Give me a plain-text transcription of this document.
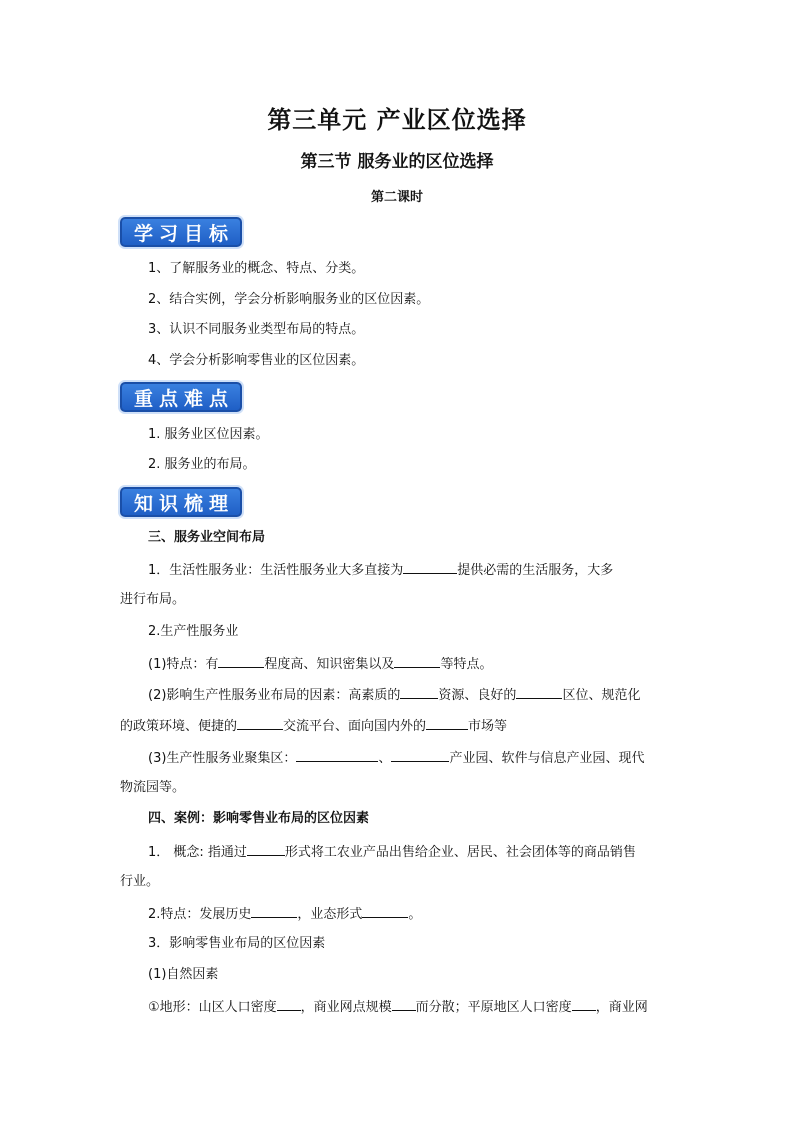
第三单元 产业区位选择
第三节 服务业的区位选择
第二课时
学习目标
1、了解服务业的概念、特点、分类。
2、结合实例，学会分析影响服务业的区位因素。
3、认识不同服务业类型布局的特点。
4、学会分析影响零售业的区位因素。
重点难点
1. 服务业区位因素。
2. 服务业的布局。
知识梳理
三、服务业空间布局
1．生活性服务业：生活性服务业大多直接为	提供必需的生活服务，大多
进行布局。
2.生产性服务业
(1)特点：有	程度高、知识密集以及	等特点。
(2)影响生产性服务业布局的因素：高素质的	资源、良好的	区位、规范化
的政策环境、便捷的	交流平台、面向国内外的	市场等
(3)生产性服务业聚集区：	、	产业园、软件与信息产业园、现代
物流园等。
四、案例：影响零售业布局的区位因素
1． 概念: 指通过	形式将工农业产品出售给企业、居民、社会团体等的商品销售
行业。
2.特点：发展历史	，业态形式	。
3．影响零售业布局的区位因素
(1)自然因素
①地形：山区人口密度 ，商业网点规模 而分散；平原地区人口密度 ，商业网
